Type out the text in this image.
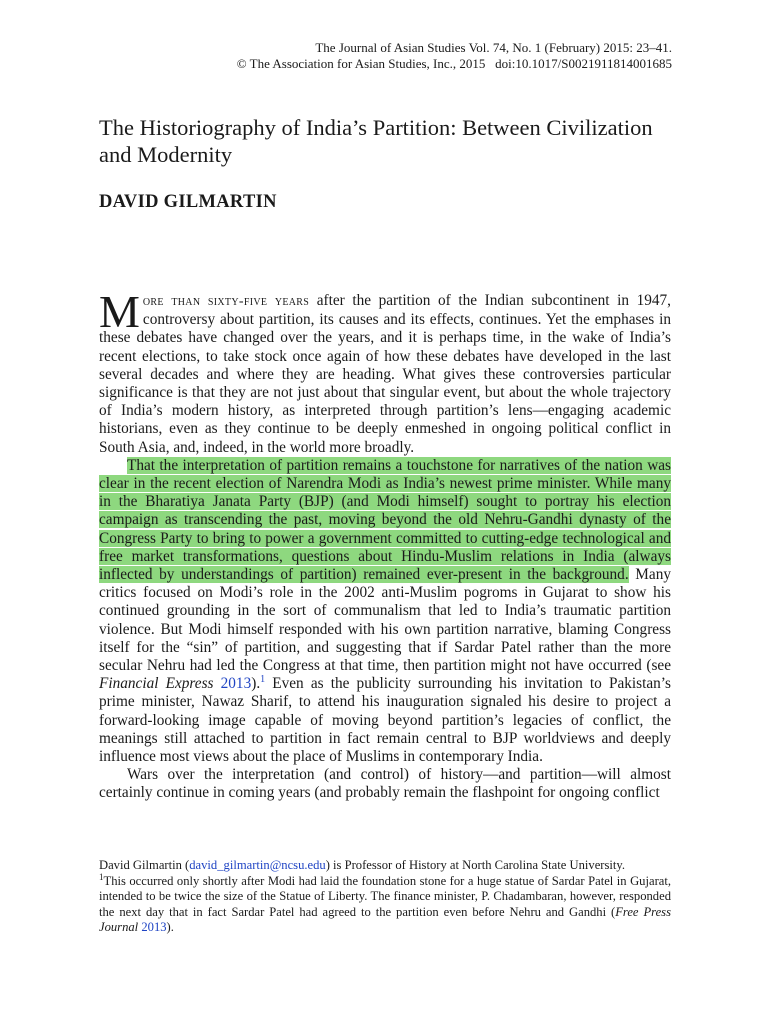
The Journal of Asian Studies Vol. 74, No. 1 (February) 2015: 23–41.
© The Association for Asian Studies, Inc., 2015   doi:10.1017/S0021911814001685
The Historiography of India’s Partition: Between Civilization and Modernity
DAVID GILMARTIN

More than sixty-five years after the partition of the Indian subcontinent in 1947, controversy about partition, its causes and its effects, continues. Yet the emphases in these debates have changed over the years, and it is perhaps time, in the wake of India’s recent elections, to take stock once again of how these debates have developed in the last several decades and where they are heading. What gives these controversies particular significance is that they are not just about that singular event, but about the whole trajectory of India’s modern history, as interpreted through partition’s lens—engaging academic historians, even as they continue to be deeply enmeshed in ongoing political conflict in South Asia, and, indeed, in the world more broadly.

That the interpretation of partition remains a touchstone for narratives of the nation was clear in the recent election of Narendra Modi as India’s newest prime minister. While many in the Bharatiya Janata Party (BJP) (and Modi himself) sought to portray his election campaign as transcending the past, moving beyond the old Nehru-Gandhi dynasty of the Congress Party to bring to power a government committed to cutting-edge technological and free market transformations, questions about Hindu-Muslim relations in India (always inflected by understandings of partition) remained ever-present in the background. Many critics focused on Modi’s role in the 2002 anti-Muslim pogroms in Gujarat to show his continued grounding in the sort of communalism that led to India’s traumatic partition violence. But Modi himself responded with his own partition narrative, blaming Congress itself for the “sin” of partition, and suggesting that if Sardar Patel rather than the more secular Nehru had led the Congress at that time, then partition might not have occurred (see Financial Express 2013).$^1$ Even as the publicity surrounding his invitation to Pakistan’s prime minister, Nawaz Sharif, to attend his inauguration signaled his desire to project a forward-looking image capable of moving beyond partition’s legacies of conflict, the meanings still attached to partition in fact remain central to BJP worldviews and deeply influence most views about the place of Muslims in contemporary India.

Wars over the interpretation (and control) of history—and partition—will almost certainly continue in coming years (and probably remain the flashpoint for ongoing conflict

David Gilmartin (david_gilmartin@ncsu.edu) is Professor of History at North Carolina State University.

$^1$This occurred only shortly after Modi had laid the foundation stone for a huge statue of Sardar Patel in Gujarat, intended to be twice the size of the Statue of Liberty. The finance minister, P. Chadambaran, however, responded the next day that in fact Sardar Patel had agreed to the partition even before Nehru and Gandhi (Free Press Journal 2013).
